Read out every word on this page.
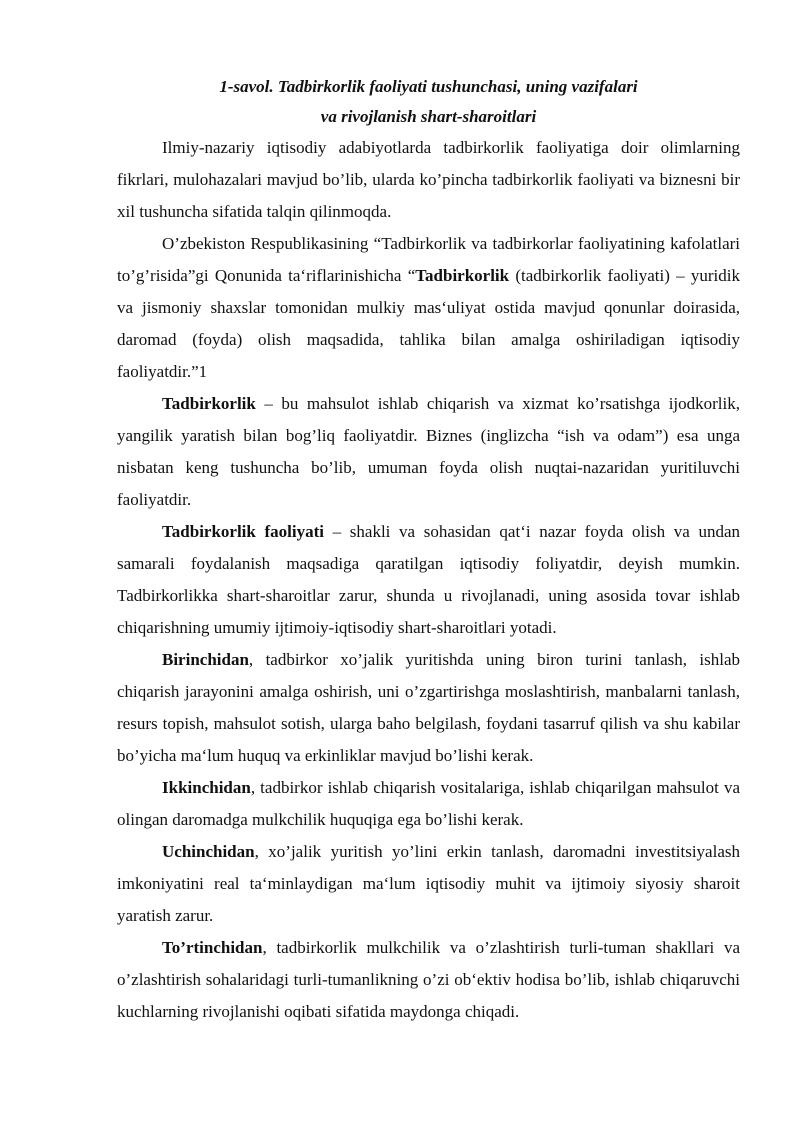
1-savol. Tadbirkorlik faoliyati tushunchasi, uning vazifalari
va rivojlanish shart-sharoitlari

Ilmiy-nazariy iqtisodiy adabiyotlarda tadbirkorlik faoliyatiga doir olimlarning fikrlari, mulohazalari mavjud bo’lib, ularda ko’pincha tadbirkorlik faoliyati va biznesni bir xil tushuncha sifatida talqin qilinmoqda.

O’zbekiston Respublikasining “Tadbirkorlik va tadbirkorlar faoliyatining kafolatlari to’g’risida”gi Qonunida ta‘riflarinishicha “Tadbirkorlik (tadbirkorlik faoliyati) – yuridik va jismoniy shaxslar tomonidan mulkiy mas‘uliyat ostida mavjud qonunlar doirasida, daromad (foyda) olish maqsadida, tahlika bilan amalga oshiriladigan iqtisodiy faoliyatdir.”1

Tadbirkorlik – bu mahsulot ishlab chiqarish va xizmat ko’rsatishga ijodkorlik, yangilik yaratish bilan bog’liq faoliyatdir. Biznes (inglizcha “ish va odam”) esa unga nisbatan keng tushuncha bo’lib, umuman foyda olish nuqtai-nazaridan yuritiluvchi faoliyatdir.

Tadbirkorlik faoliyati – shakli va sohasidan qat‘i nazar foyda olish va undan samarali foydalanish maqsadiga qaratilgan iqtisodiy foliyatdir, deyish mumkin. Tadbirkorlikka shart-sharoitlar zarur, shunda u rivojlanadi, uning asosida tovar ishlab chiqarishning umumiy ijtimoiy-iqtisodiy shart-sharoitlari yotadi.

Birinchidan, tadbirkor xo’jalik yuritishda uning biron turini tanlash, ishlab chiqarish jarayonini amalga oshirish, uni o’zgartirishga moslashtirish, manbalarni tanlash, resurs topish, mahsulot sotish, ularga baho belgilash, foydani tasarruf qilish va shu kabilar bo’yicha ma‘lum huquq va erkinliklar mavjud bo’lishi kerak.

Ikkinchidan, tadbirkor ishlab chiqarish vositalariga, ishlab chiqarilgan mahsulot va olingan daromadga mulkchilik huquqiga ega bo’lishi kerak.

Uchinchidan, xo’jalik yuritish yo’lini erkin tanlash, daromadni investitsiyalash imkoniyatini real ta‘minlaydigan ma‘lum iqtisodiy muhit va ijtimoiy siyosiy sharoit yaratish zarur.

To’rtinchidan, tadbirkorlik mulkchilik va o’zlashtirish turli-tuman shakllari va o’zlashtirish sohalaridagi turli-tumanlikning o’zi ob‘ektiv hodisa bo’lib, ishlab chiqaruvchi kuchlarning rivojlanishi oqibati sifatida maydonga chiqadi.
